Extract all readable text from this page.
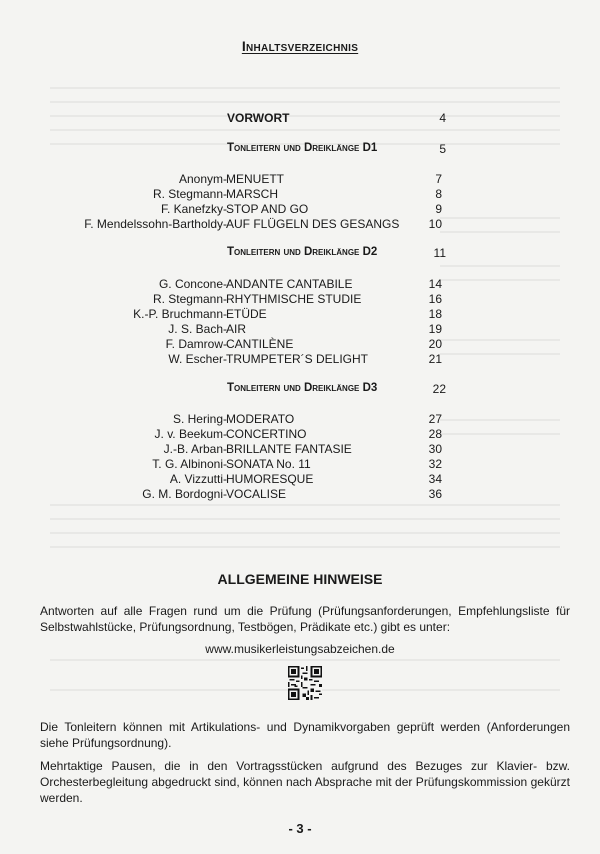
Inhaltsverzeichnis
VORWORT	4
Tonleitern und Dreiklänge D1	5
Anonym - MENUETT	7
R. Stegmann - MARSCH	8
F. Kanefzky - STOP AND GO	9
F. Mendelssohn-Bartholdy - AUF FLÜGELN DES GESANGS	10
Tonleitern und Dreiklänge D2	11
G. Concone - ANDANTE CANTABILE	14
R. Stegmann - RHYTHMISCHE STUDIE	16
K.-P. Bruchmann - ETÜDE	18
J. S. Bach - AIR	19
F. Damrow - CANTILÈNE	20
W. Escher - TRUMPETER´S DELIGHT	21
Tonleitern und Dreiklänge D3	22
S. Hering - MODERATO	27
J. v. Beekum - CONCERTINO	28
J.-B. Arban - BRILLANTE FANTASIE	30
T. G. Albinoni - SONATA No. 11	32
A. Vizzutti - HUMORESQUE	34
G. M. Bordogni - VOCALISE	36
ALLGEMEINE HINWEISE
Antworten auf alle Fragen rund um die Prüfung (Prüfungsanforderungen, Empfehlungsliste für Selbstwahlstücke, Prüfungsordnung, Testbögen, Prädikate etc.) gibt es unter:
www.musikerleistungsabzeichen.de
Die Tonleitern können mit Artikulations- und Dynamikvorgaben geprüft werden (Anforderungen siehe Prüfungsordnung).
Mehrtaktige Pausen, die in den Vortragsstücken aufgrund des Bezuges zur Klavier- bzw. Orchesterbegleitung abgedruckt sind, können nach Absprache mit der Prüfungskommission gekürzt werden.
- 3 -
